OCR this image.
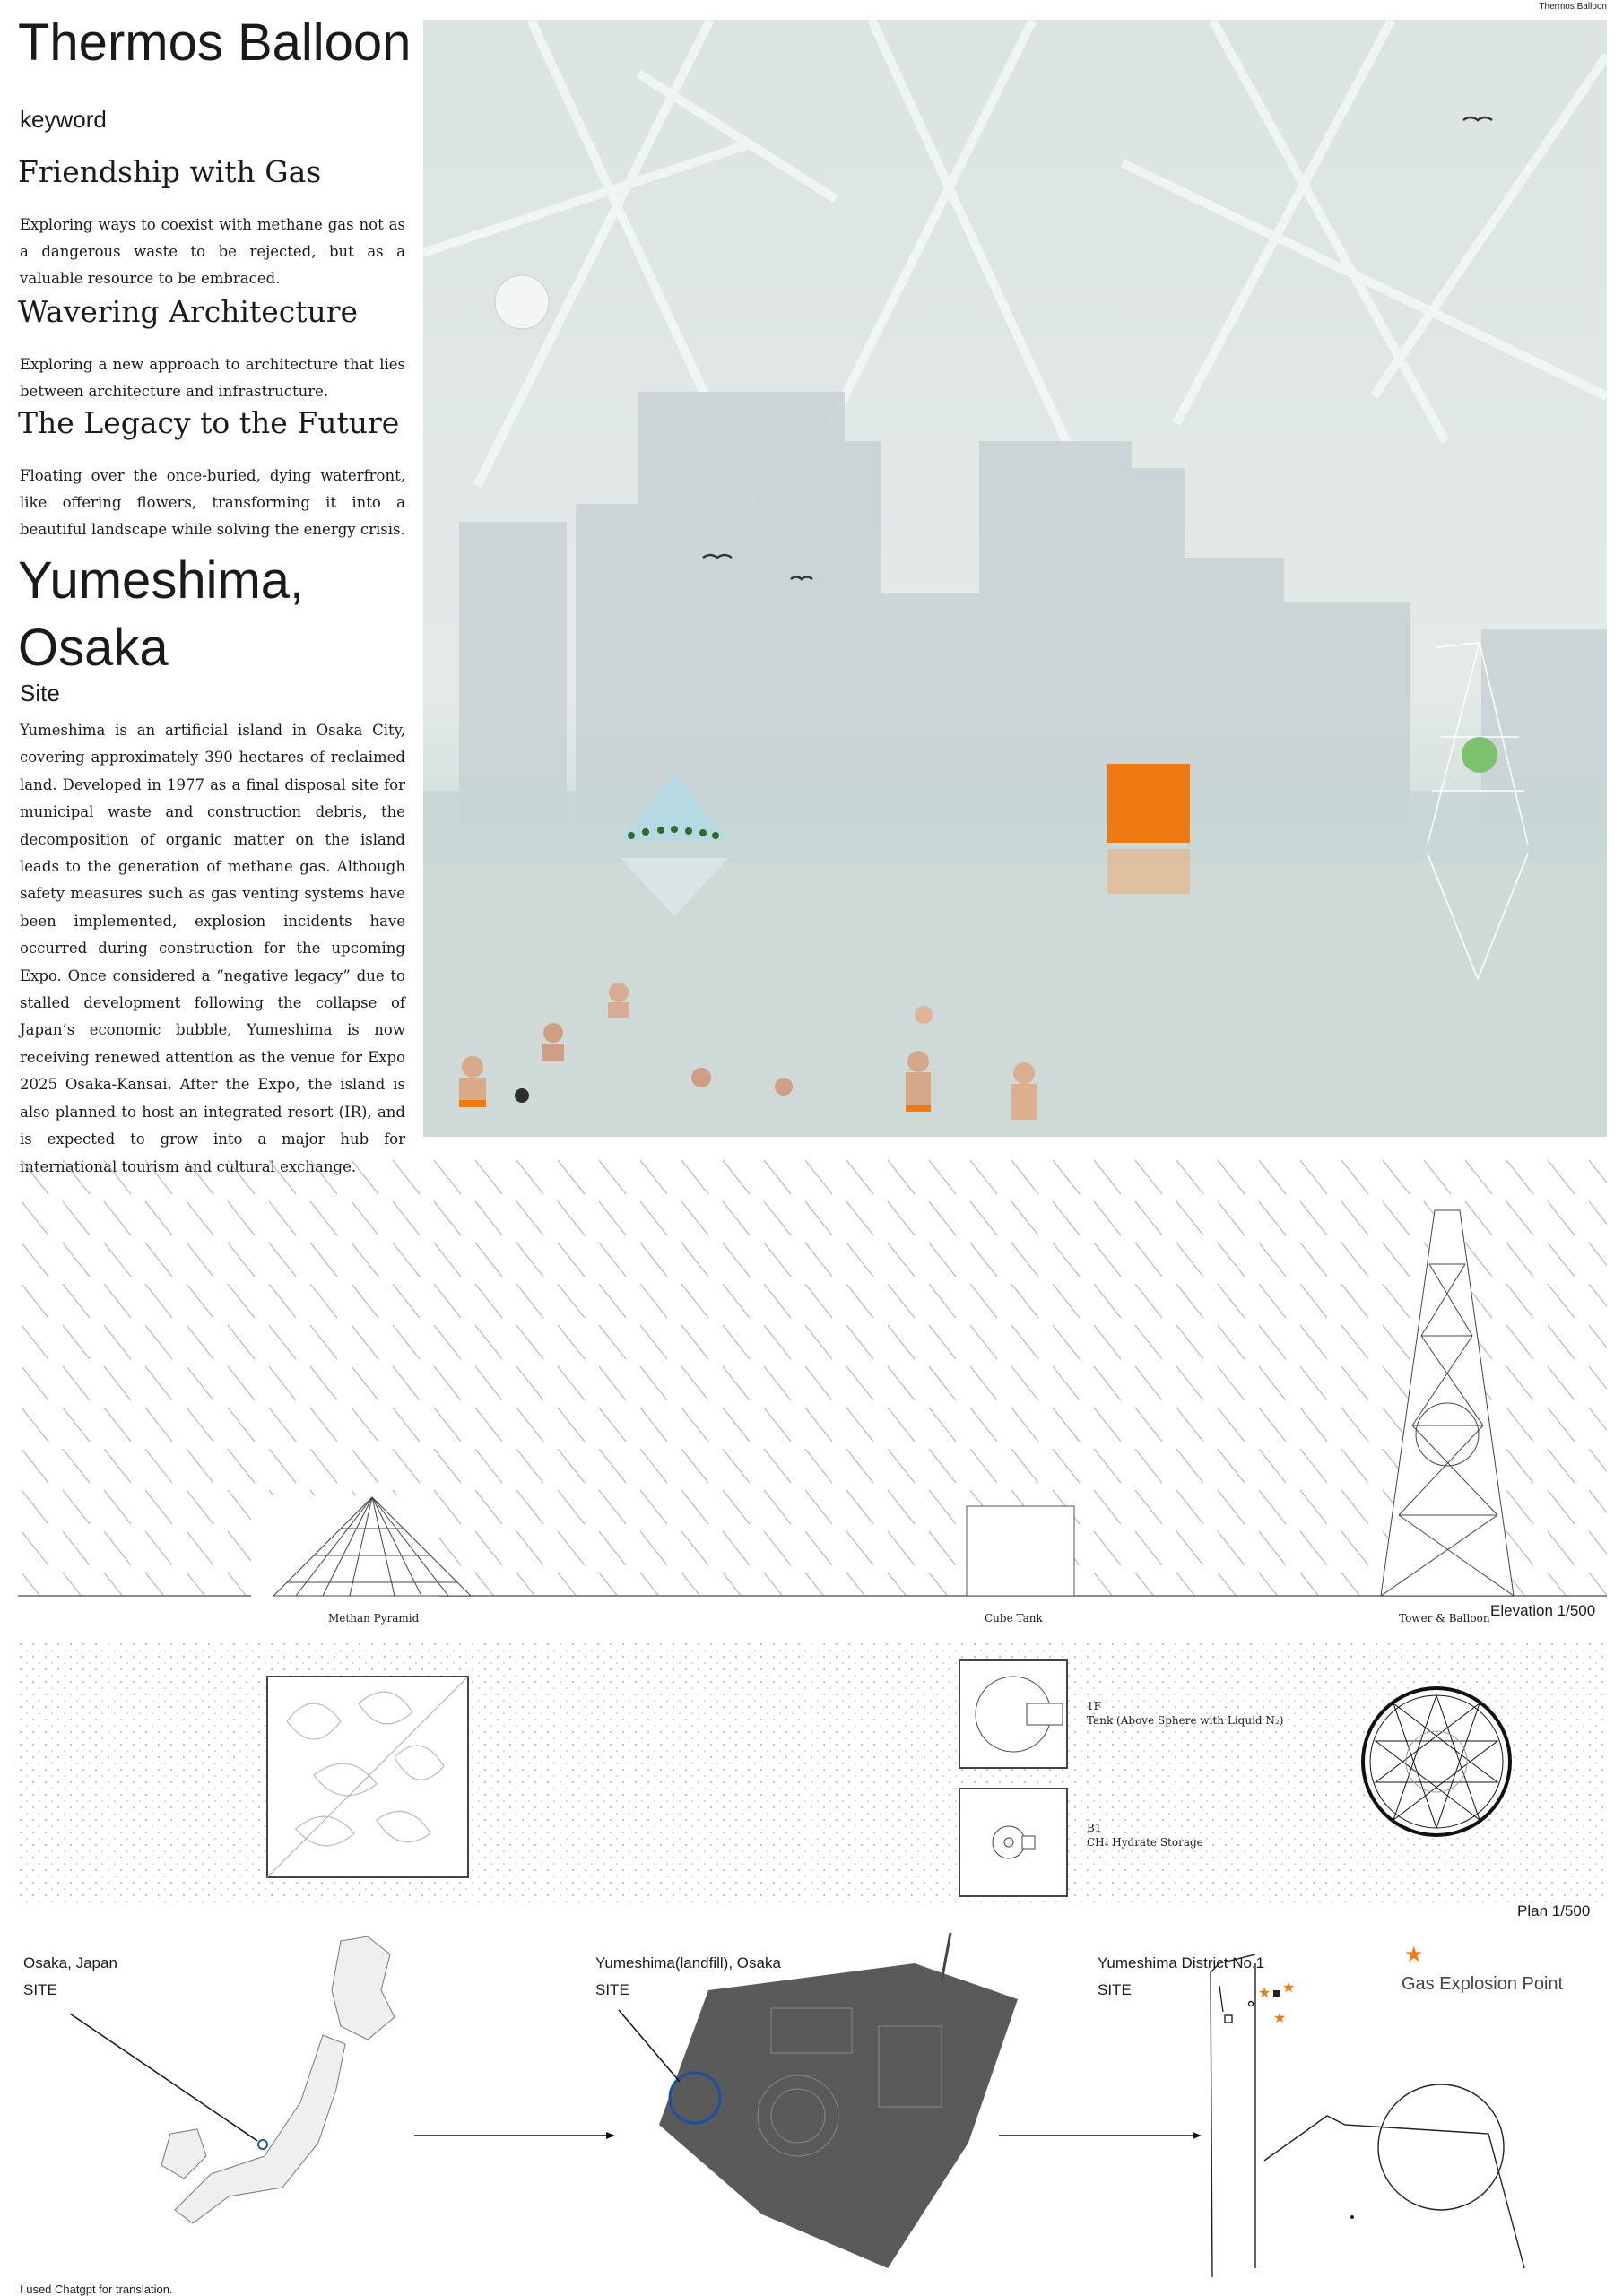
Thermos Balloon
Thermos Balloon
keyword
Friendship with Gas
Exploring ways to coexist with methane gas not as a dangerous waste to be rejected, but as a valuable resource to be embraced.
Wavering Architecture
Exploring a new approach to architecture that lies between architecture and infrastructure.
The Legacy to the Future
Floating over the once-buried, dying waterfront, like offering flowers, transforming it into a beautiful landscape while solving the energy crisis.
Yumeshima, Osaka
Site
Yumeshima is an artificial island in Osaka City, covering approximately 390 hectares of reclaimed land. Developed in 1977 as a final disposal site for municipal waste and construction debris, the decomposition of organic matter on the island leads to the generation of methane gas. Although safety measures such as gas venting systems have been implemented, explosion incidents have occurred during construction for the upcoming Expo. Once considered a “negative legacy” due to stalled development following the collapse of Japan’s economic bubble, Yumeshima is now receiving renewed attention as the venue for Expo 2025 Osaka-Kansai. After the Expo, the island is also planned to host an integrated resort (IR), and is expected to grow into a major hub for
Methan Pyramid	Cube Tank	Tower & Balloon Elevation 1/500
1F
Tank (Above Sphere with Liquid N₂)
B1
CH₄ Hydrate Storage
Plan 1/500
★ ★
★
★
Osaka, Japan
SITE
Yumeshima(landfill), Osaka
SITE
Yumeshima District No.1
SITE	Gas Explosion Point
I used Chatgpt for translation.
